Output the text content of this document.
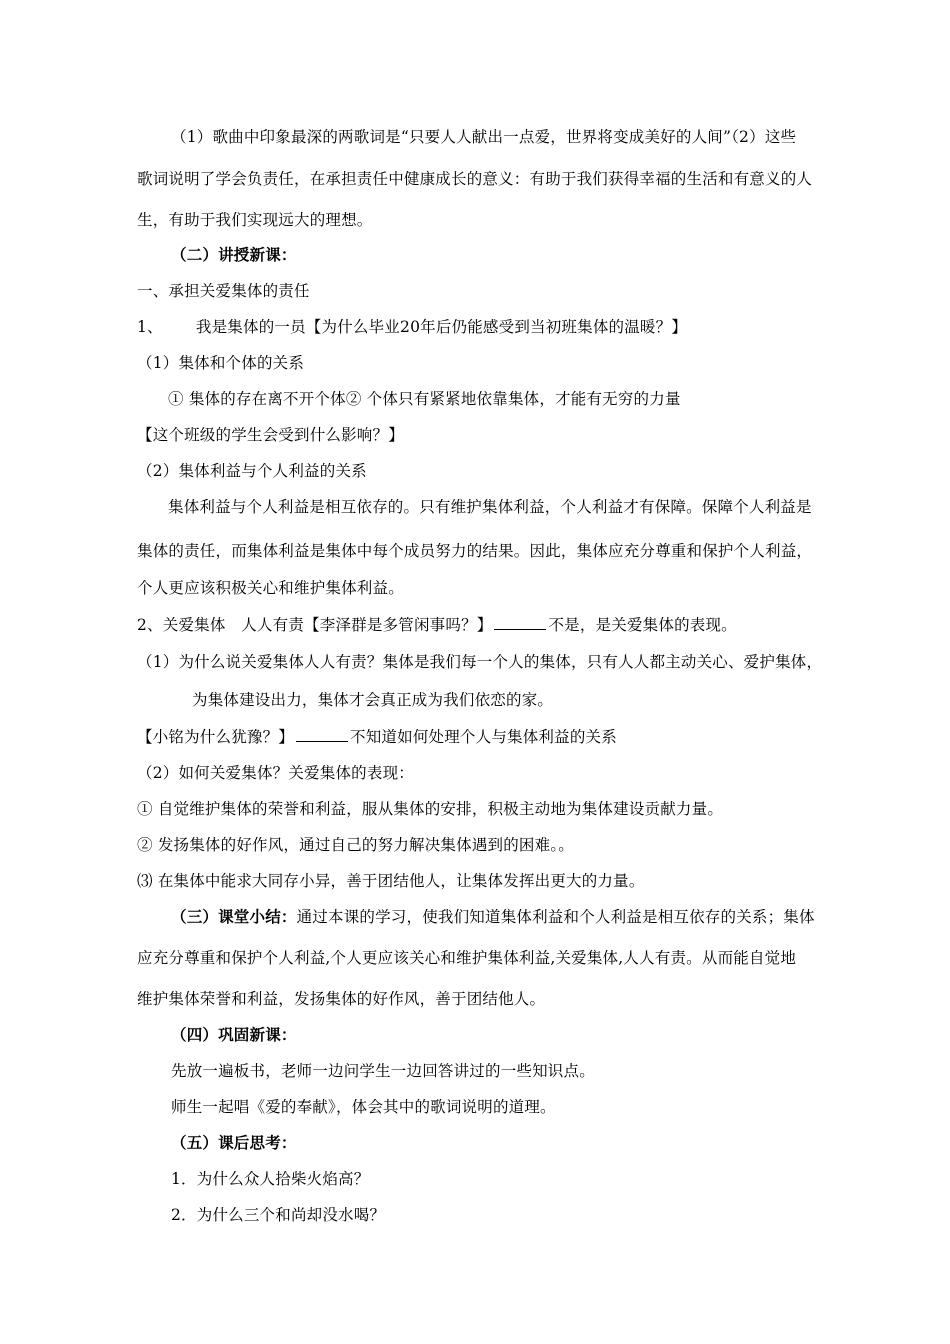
（1）歌曲中印象最深的两歌词是“只要人人献出一点爱，世界将变成美好的人间”（2）这些
歌词说明了学会负责任，在承担责任中健康成长的意义：有助于我们获得幸福的生活和有意义的人
生，有助于我们实现远大的理想。
（二）讲授新课：
一、承担关爱集体的责任
1、 我是集体的一员【为什么毕业20年后仍能感受到当初班集体的温暖？】
（1）集体和个体的关系
① 集体的存在离不开个体② 个体只有紧紧地依靠集体，才能有无穷的力量
【这个班级的学生会受到什么影响？】
（2）集体利益与个人利益的关系
集体利益与个人利益是相互依存的。只有维护集体利益，个人利益才有保障。保障个人利益是
集体的责任，而集体利益是集体中每个成员努力的结果。因此，集体应充分尊重和保护个人利益，
个人更应该积极关心和维护集体利益。
2、关爱集体　人人有责【李泽群是多管闲事吗？】	不是，是关爱集体的表现。
（1）为什么说关爱集体人人有责？集体是我们每一个人的集体，只有人人都主动关心、爱护集体，
为集体建设出力，集体才会真正成为我们依恋的家。
【小铭为什么犹豫？】	不知道如何处理个人与集体利益的关系
（2）如何关爱集体？关爱集体的表现：
① 自觉维护集体的荣誉和利益，服从集体的安排，积极主动地为集体建设贡献力量。
② 发扬集体的好作风，通过自己的努力解决集体遇到的困难。。
⑶ 在集体中能求大同存小异，善于团结他人，让集体发挥出更大的力量。
（三）课堂小结：通过本课的学习，使我们知道集体利益和个人利益是相互依存的关系；集体
应充分尊重和保护个人利益,个人更应该关心和维护集体利益,关爱集体,人人有责。从而能自觉地
维护集体荣誉和利益，发扬集体的好作风，善于团结他人。
（四）巩固新课：
先放一遍板书，老师一边问学生一边回答讲过的一些知识点。
师生一起唱《爱的奉献》，体会其中的歌词说明的道理。
（五）课后思考：
1．为什么众人拾柴火焰高？
2．为什么三个和尚却没水喝？
